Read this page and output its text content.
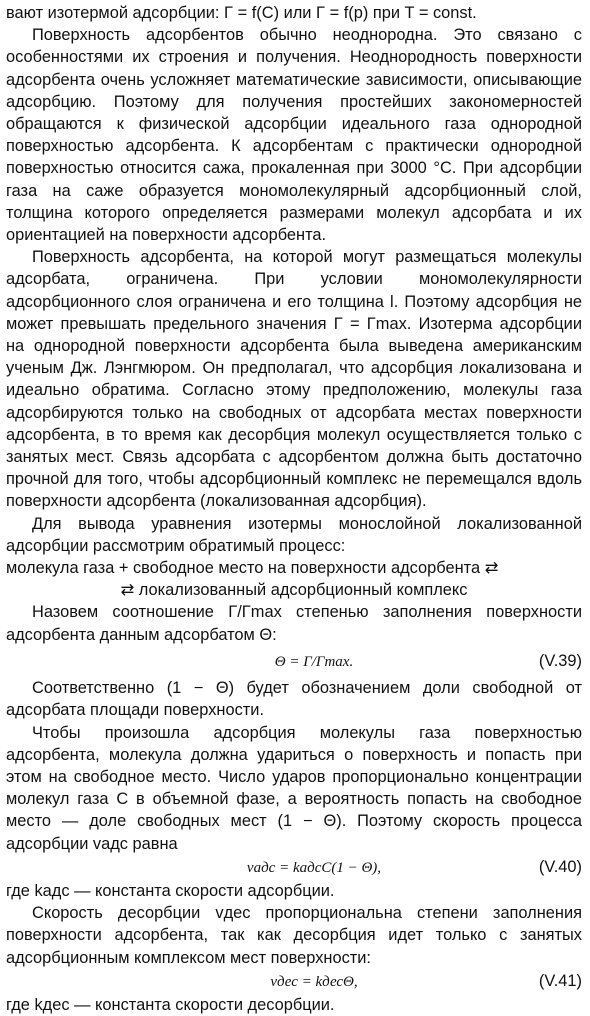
вают изотермой адсорбции: Γ = f(C) или Γ = f(p) при T = const.

Поверхность адсорбентов обычно неоднородна. Это связано с особенностями их строения и получения. Неоднородность поверхности адсорбента очень усложняет математические зависимости, описывающие адсорбцию. Поэтому для получения простейших закономерностей обращаются к физической адсорбции идеального газа однородной поверхностью адсорбента. К адсорбентам с практически однородной поверхностью относится сажа, прокаленная при 3000 °С. При адсорбции газа на саже образуется мономолекулярный адсорбционный слой, толщина которого определяется размерами молекул адсорбата и их ориентацией на поверхности адсорбента.

Поверхность адсорбента, на которой могут размещаться молекулы адсорбата, ограничена. При условии мономолекулярности адсорбционного слоя ограничена и его толщина l. Поэтому адсорбция не может превышать предельного значения Γ = Γmax. Изотерма адсорбции на однородной поверхности адсорбента была выведена американским ученым Дж. Лэнгмюром. Он предполагал, что адсорбция локализована и идеально обратима. Согласно этому предположению, молекулы газа адсорбируются только на свободных от адсорбата местах поверхности адсорбента, в то время как десорбция молекул осуществляется только с занятых мест. Связь адсорбата с адсорбентом должна быть достаточно прочной для того, чтобы адсорбционный комплекс не перемещался вдоль поверхности адсорбента (локализованная адсорбция).

Для вывода уравнения изотермы монослойной локализованной адсорбции рассмотрим обратимый процесс:

молекула газа + свободное место на поверхности адсорбента ⇄

⇄ локализованный адсорбционный комплекс

Назовем соотношение Γ/Γmax степенью заполнения поверхности адсорбента данным адсорбатом Θ:

Θ = Γ/Γmax.	(V.39)

Соответственно (1 − Θ) будет обозначением доли свободной от адсорбата площади поверхности.

Чтобы произошла адсорбция молекулы газа поверхностью адсорбента, молекула должна удариться о поверхность и попасть при этом на свободное место. Число ударов пропорционально концентрации молекул газа C в объемной фазе, а вероятность попасть на свободное место — доле свободных мест (1 − Θ). Поэтому скорость процесса адсорбции vадс равна

vадс = kадсC(1 − Θ),	(V.40)

где kадс — константа скорости адсорбции.

Скорость десорбции vдес пропорциональна степени заполнения поверхности адсорбента, так как десорбция идет только с занятых адсорбционным комплексом мест поверхности:

vдес = kдесΘ,	(V.41)

где kдес — константа скорости десорбции.
